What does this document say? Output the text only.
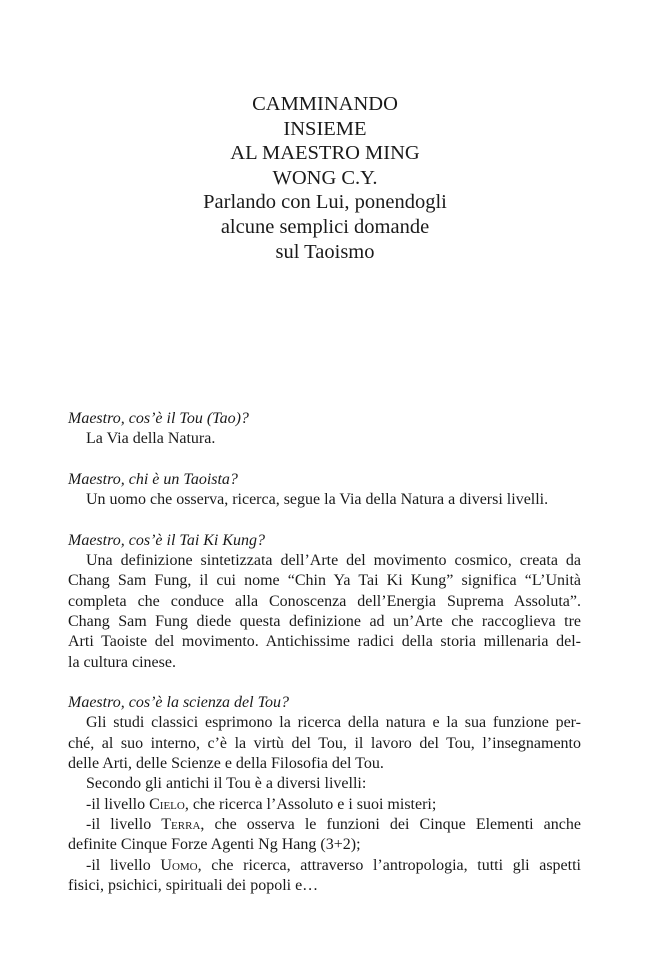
CAMMINANDO
INSIEME
AL MAESTRO MING
WONG C.Y.
Parlando con Lui, ponendogli
alcune semplici domande
sul Taoismo
Maestro, cos’è il Tou (Tao)?
La Via della Natura.
Maestro, chi è un Taoista?
Un uomo che osserva, ricerca, segue la Via della Natura a diversi livelli.
Maestro, cos’è il Tai Ki Kung?
Una definizione sintetizzata dell’Arte del movimento cosmico, creata da
Chang Sam Fung, il cui nome “Chin Ya Tai Ki Kung” significa “L’Unità
completa che conduce alla Conoscenza dell’Energia Suprema Assoluta”.
Chang Sam Fung diede questa definizione ad un’Arte che raccoglieva tre
Arti Taoiste del movimento. Antichissime radici della storia millenaria del-
la cultura cinese.
Maestro, cos’è la scienza del Tou?
Gli studi classici esprimono la ricerca della natura e la sua funzione per-
ché, al suo interno, c’è la virtù del Tou, il lavoro del Tou, l’insegnamento
delle Arti, delle Scienze e della Filosofia del Tou.
Secondo gli antichi il Tou è a diversi livelli:
-il livello Cielo, che ricerca l’Assoluto e i suoi misteri;
-il livello Terra, che osserva le funzioni dei Cinque Elementi anche
definite Cinque Forze Agenti Ng Hang (3+2);
-il livello Uomo, che ricerca, attraverso l’antropologia, tutti gli aspetti
fisici, psichici, spirituali dei popoli e…
